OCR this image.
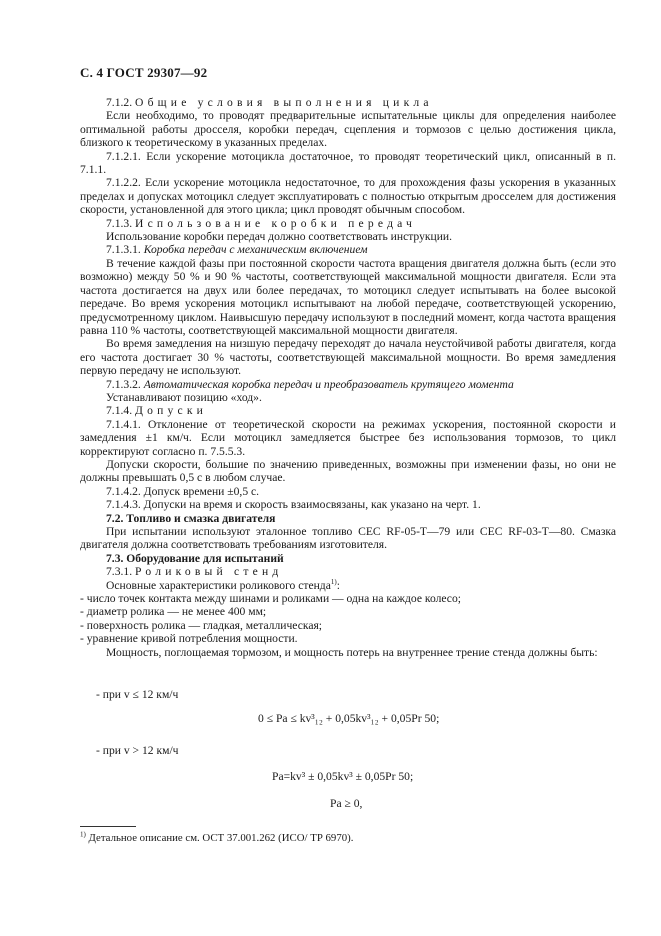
С. 4 ГОСТ 29307—92

7.1.2. Общие условия выполнения цикла

Если необходимо, то проводят предварительные испытательные циклы для определения наиболее оптимальной работы дросселя, коробки передач, сцепления и тормозов с целью достижения цикла, близкого к теоретическому в указанных пределах.

7.1.2.1. Если ускорение мотоцикла достаточное, то проводят теоретический цикл, описанный в п. 7.1.1.

7.1.2.2. Если ускорение мотоцикла недостаточное, то для прохождения фазы ускорения в указанных пределах и допусках мотоцикл следует эксплуатировать с полностью открытым дросселем для достижения скорости, установленной для этого цикла; цикл проводят обычным способом.

7.1.3. Использование коробки передач

Использование коробки передач должно соответствовать инструкции.

7.1.3.1. Коробка передач с механическим включением

В течение каждой фазы при постоянной скорости частота вращения двигателя должна быть (если это возможно) между 50 % и 90 % частоты, соответствующей максимальной мощности двигателя. Если эта частота достигается на двух или более передачах, то мотоцикл следует испытывать на более высокой передаче. Во время ускорения мотоцикл испытывают на любой передаче, соответствующей ускорению, предусмотренному циклом. Наивысшую передачу используют в последний момент, когда частота вращения равна 110 % частоты, соответствующей максимальной мощности двигателя.

Во время замедления на низшую передачу переходят до начала неустойчивой работы двигателя, когда его частота достигает 30 % частоты, соответствующей максимальной мощности. Во время замедления первую передачу не используют.

7.1.3.2. Автоматическая коробка передач и преобразователь крутящего момента

Устанавливают позицию «ход».

7.1.4. Допуски

7.1.4.1. Отклонение от теоретической скорости на режимах ускорения, постоянной скорости и замедления ±1 км/ч. Если мотоцикл замедляется быстрее без использования тормозов, то цикл корректируют согласно п. 7.5.5.3.

Допуски скорости, большие по значению приведенных, возможны при изменении фазы, но они не должны превышать 0,5 с в любом случае.

7.1.4.2. Допуск времени ±0,5 с.

7.1.4.3. Допуски на время и скорость взаимосвязаны, как указано на черт. 1.

7.2. Топливо и смазка двигателя

При испытании используют эталонное топливо CEC RF-05-T—79 или CEC RF-03-T—80. Смазка двигателя должна соответствовать требованиям изготовителя.

7.3. Оборудование для испытаний

7.3.1. Роликовый стенд

Основные характеристики роликового стенда$^{1)}$:

- число точек контакта между шинами и роликами — одна на каждое колесо;

- диаметр ролика — не менее 400 мм;

- поверхность ролика — гладкая, металлическая;

- уравнение кривой потребления мощности.

Мощность, поглощаемая тормозом, и мощность потерь на внутреннее трение стенда должны быть:

- при v ≤ 12 км/ч
0 ≤ Pa ≤ kv³₁₂ + 0,05kv³₁₂ + 0,05Pr 50;
- при v > 12 км/ч
Pa=kv³ ± 0,05kv³ ± 0,05Pr 50;
Pa ≥ 0,
$^{1)}$ Детальное описание см. ОСТ 37.001.262 (ИСО/ ТР 6970).
